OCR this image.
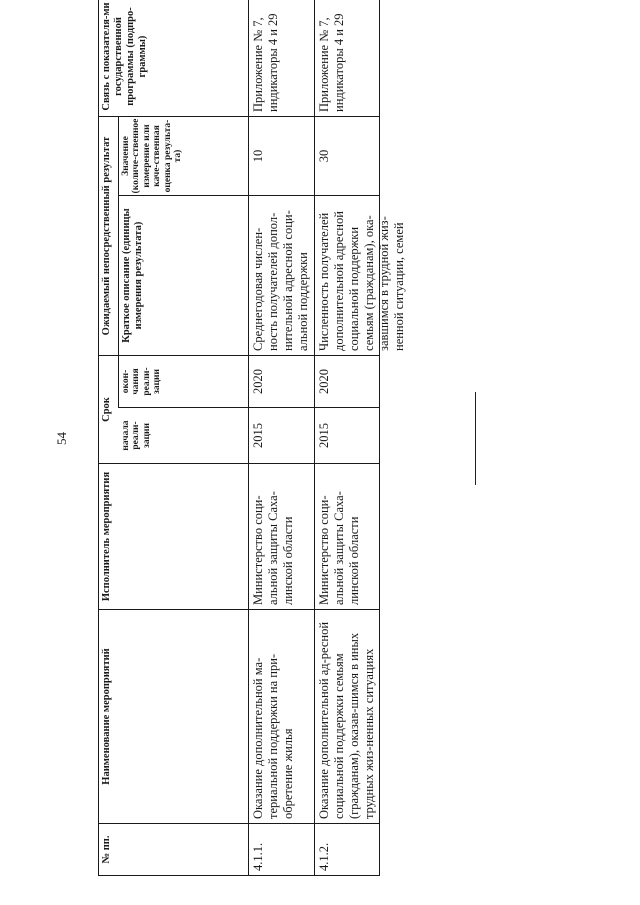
54
№ пп.
Наименование мероприятий
Исполнитель мероприятия
Срок
начала реали-зации
окон-чания реали-зации
Ожидаемый непосредственный результат Краткое описание (единицы измерения результата)
Значение (количе-ственное измерение или каче-ственная оценка результа-та)
Связь с показателя-ми государственной программы (подпро-граммы)
4.1.1.
Оказание дополнительной ма-териальной поддержки на при-обретение жилья
Министерство соци-альной защиты Саха-линской области
2015
2020
Среднегодовая числен-ность получателей допол-нительной адресной соци-альной поддержки
10
Приложение № 7, индикаторы 4 и 29
4.1.2.
Оказание дополнительной ад-ресной социальной поддержки семьям (гражданам), оказав-шимся в иных трудных жиз-ненных ситуациях
Министерство соци-альной защиты Саха-линской области
2015
2020
Численность получателей дополнительной адресной социальной поддержки семьям (гражданам), ока-завшимся в трудной жиз-ненной ситуации, семей
30
Приложение № 7, индикаторы 4 и 29
